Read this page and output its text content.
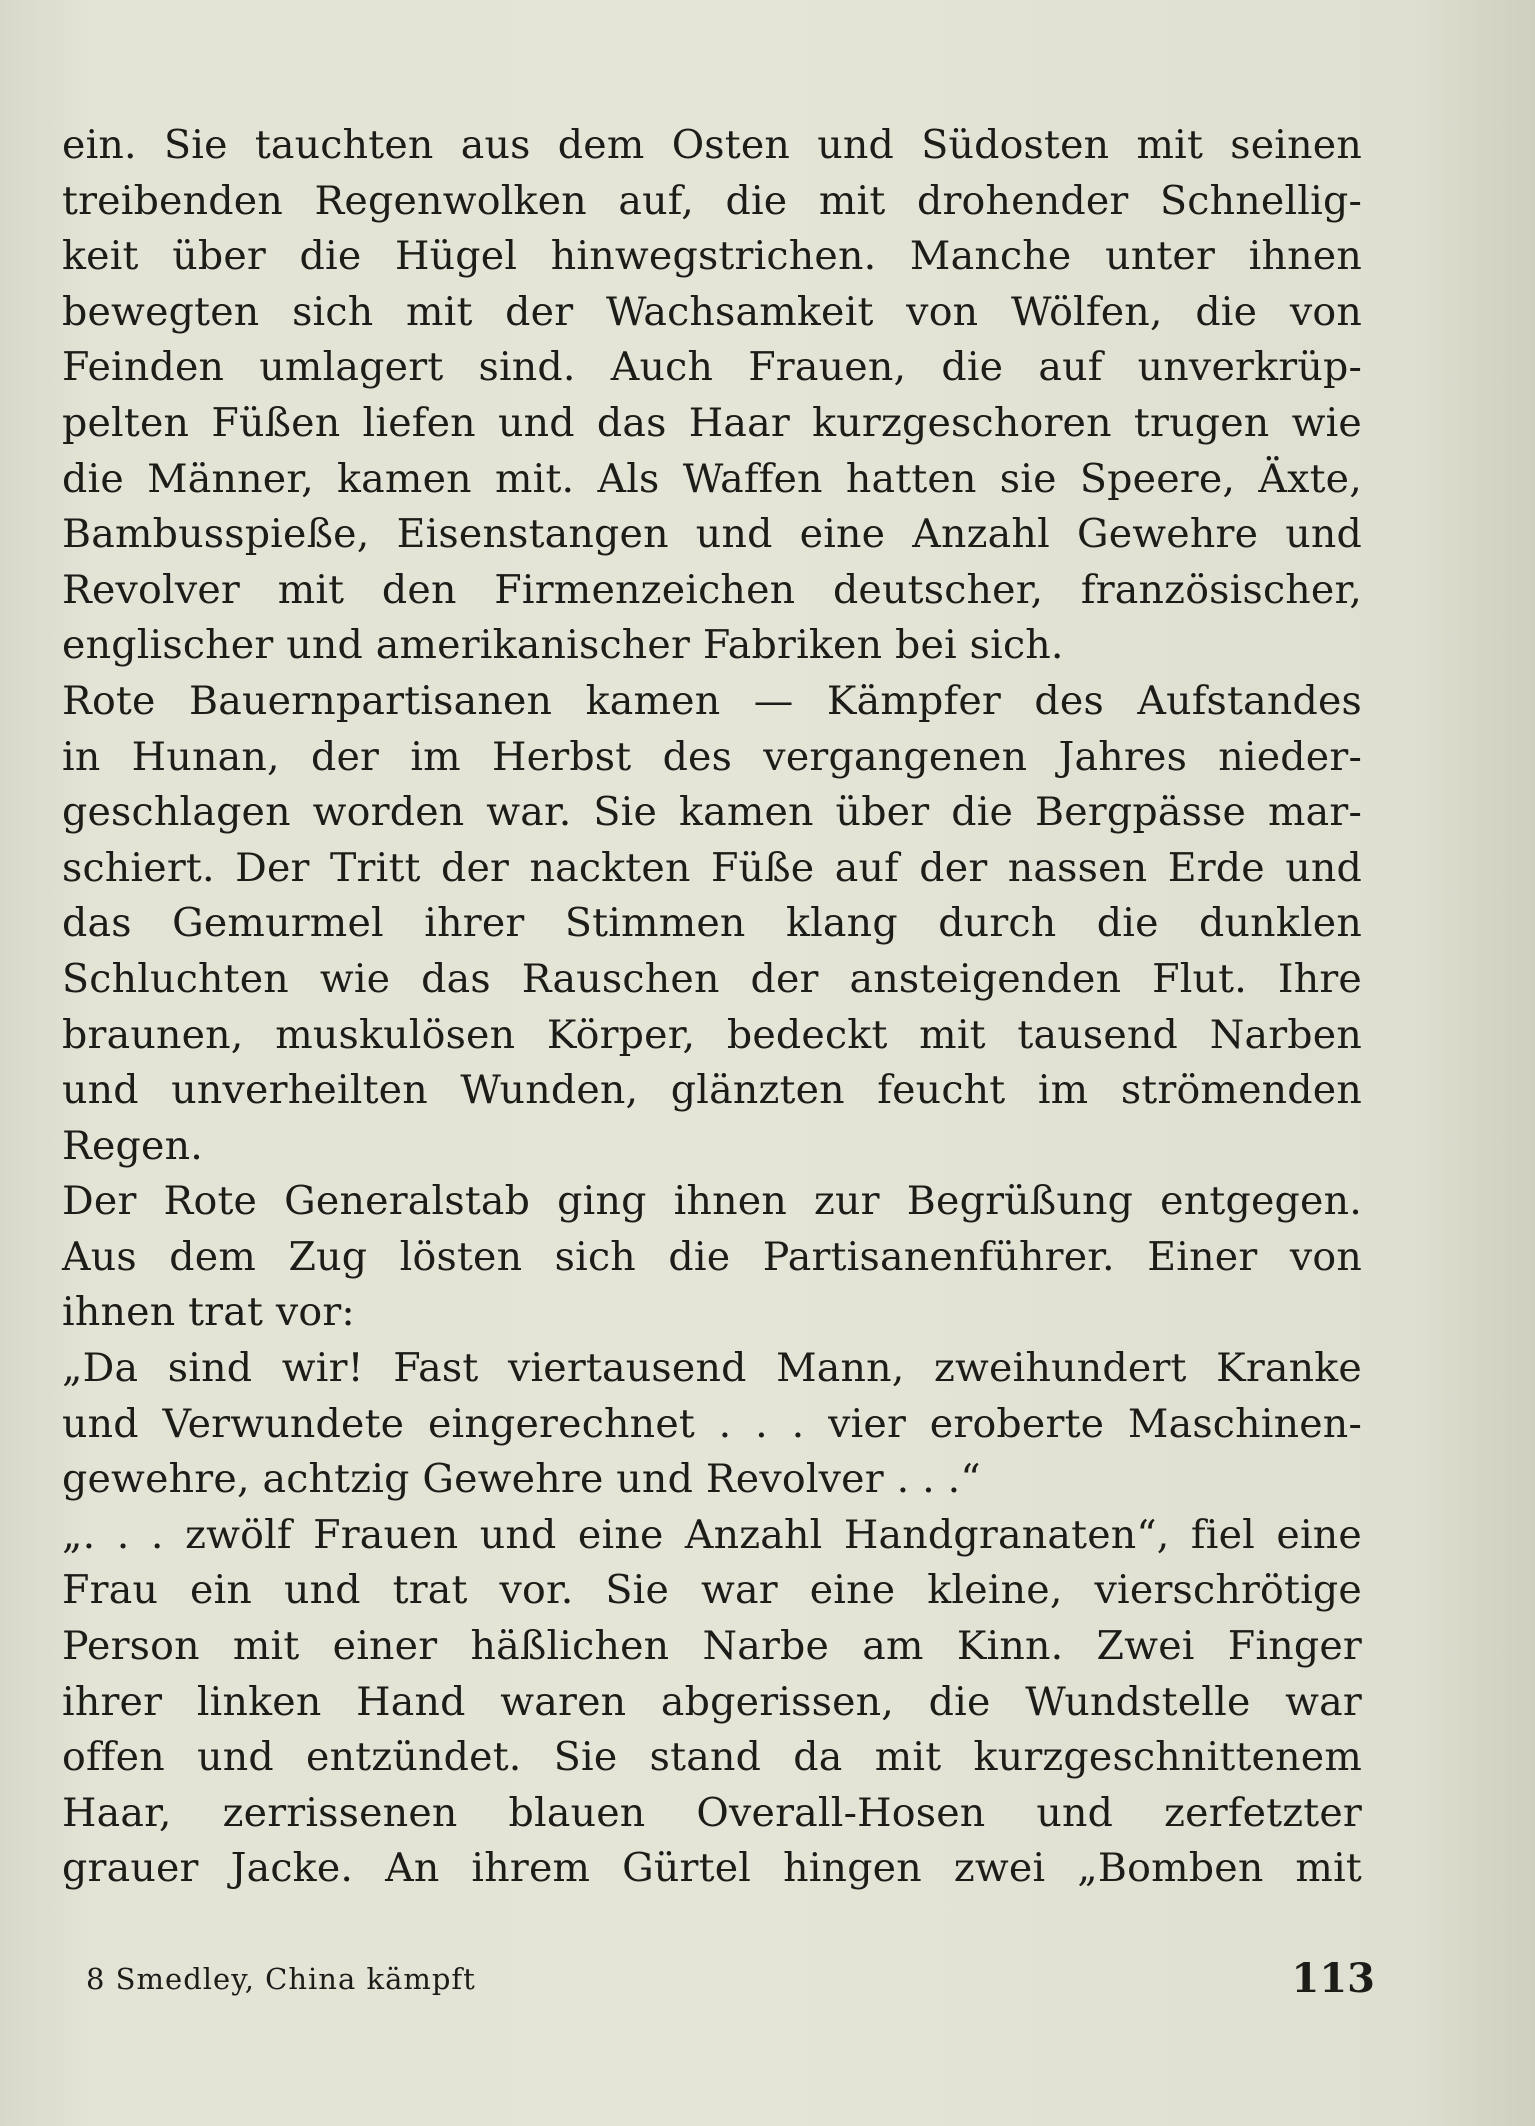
ein. Sie tauchten aus dem Osten und Südosten mit seinen
treibenden Regenwolken auf, die mit drohender Schnellig-
keit über die Hügel hinwegstrichen. Manche unter ihnen
bewegten sich mit der Wachsamkeit von Wölfen, die von
Feinden umlagert sind. Auch Frauen, die auf unverkrüp-
pelten Füßen liefen und das Haar kurzgeschoren trugen wie
die Männer, kamen mit. Als Waffen hatten sie Speere, Äxte,
Bambusspieße, Eisenstangen und eine Anzahl Gewehre und
Revolver mit den Firmenzeichen deutscher, französischer,
englischer und amerikanischer Fabriken bei sich.
Rote Bauernpartisanen kamen — Kämpfer des Aufstandes
in Hunan, der im Herbst des vergangenen Jahres nieder-
geschlagen worden war. Sie kamen über die Bergpässe mar-
schiert. Der Tritt der nackten Füße auf der nassen Erde und
das Gemurmel ihrer Stimmen klang durch die dunklen
Schluchten wie das Rauschen der ansteigenden Flut. Ihre
braunen, muskulösen Körper, bedeckt mit tausend Narben
und unverheilten Wunden, glänzten feucht im strömenden
Regen.
Der Rote Generalstab ging ihnen zur Begrüßung entgegen.
Aus dem Zug lösten sich die Partisanenführer. Einer von
ihnen trat vor:
„Da sind wir! Fast viertausend Mann, zweihundert Kranke
und Verwundete eingerechnet . . . vier eroberte Maschinen-
gewehre, achtzig Gewehre und Revolver . . .“
„. . . zwölf Frauen und eine Anzahl Handgranaten“, fiel eine
Frau ein und trat vor. Sie war eine kleine, vierschrötige
Person mit einer häßlichen Narbe am Kinn. Zwei Finger
ihrer linken Hand waren abgerissen, die Wundstelle war
offen und entzündet. Sie stand da mit kurzgeschnittenem
Haar, zerrissenen blauen Overall-Hosen und zerfetzter
grauer Jacke. An ihrem Gürtel hingen zwei „Bomben mit
8 Smedley, China kämpft	113
